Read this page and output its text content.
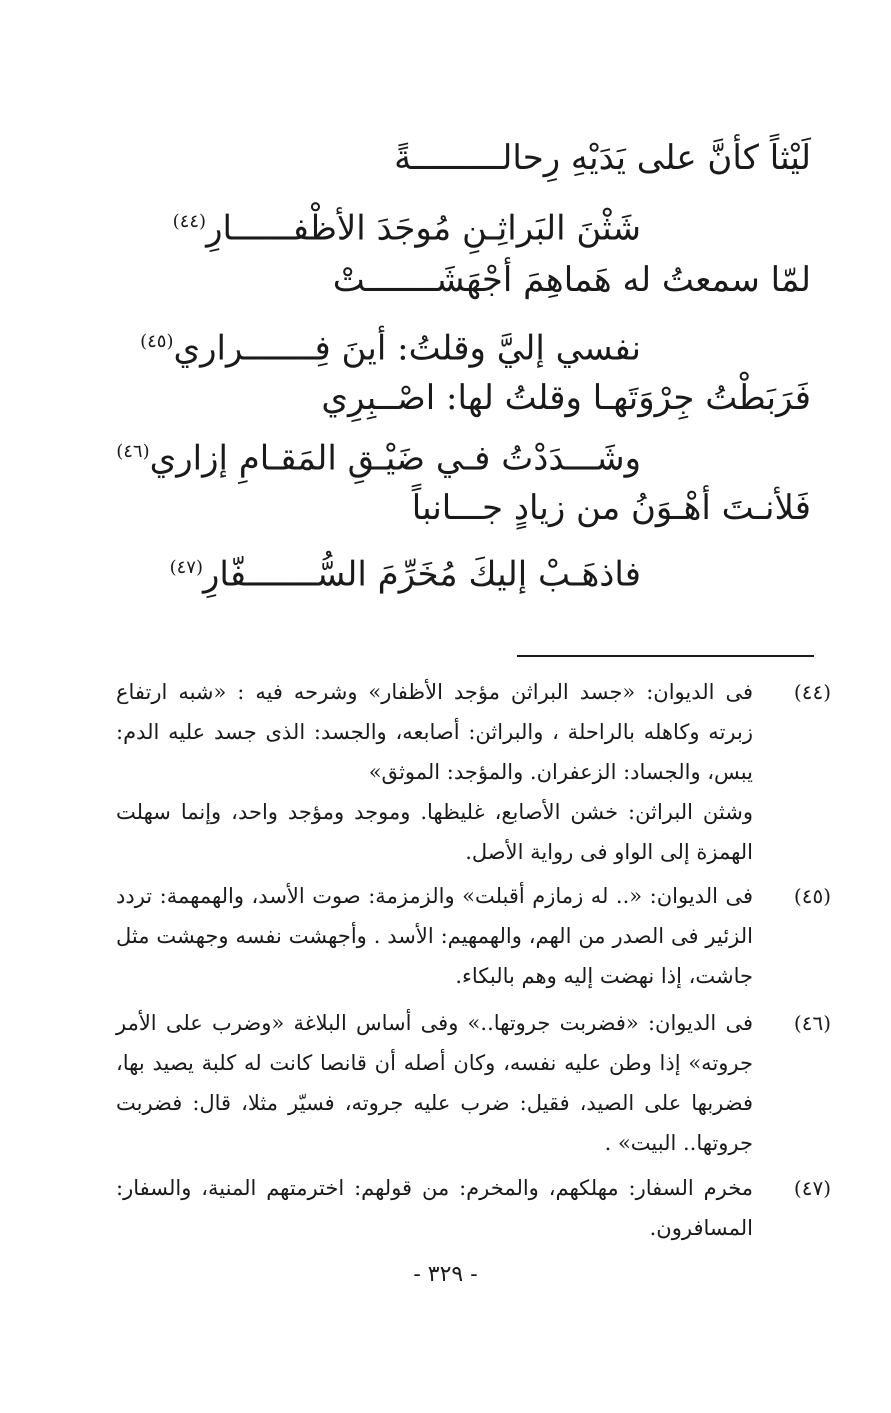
لَيْثاً كأنَّ على يَدَيْهِ رِحالـــــــــةً
شَثْنَ البَراثِـنِ مُوجَدَ الأظْفــــــارِ$^{(٤٤)}$
لمّا سمعتُ له هَماهِمَ أجْهَشَـــــــتْ
نفسي إليَّ وقلتُ: أينَ فِـــــــراري$^{(٤٥)}$
فَرَبَطْتُ جِرْوَتَهـا وقلتُ لها: اصْــبِرِي
وشَـــدَدْتُ فـي ضَيْـقِ المَقـامِ إزاري$^{(٤٦)}$
فَلأنـتَ أهْـوَنُ من زيادٍ جـــانباً
فاذهَـبْ إليكَ مُخَرِّمَ السُّـــــــفّارِ$^{(٤٧)}$
(٤٤)

فى الديوان: «جسد البراثن مؤجد الأظفار» وشرحه فيه : «شبه ارتفاع زبرته وكاهله بالراحلة ، والبراثن: أصابعه، والجسد: الذى جسد عليه الدم: يبس، والجساد: الزعفران. والمؤجد: الموثق»

وشثن البراثن: خشن الأصابع، غليظها. وموجد ومؤجد واحد، وإنما سهلت الهمزة إلى الواو فى رواية الأصل.

(٤٥)

فى الديوان: «.. له زمازم أقبلت» والزمزمة: صوت الأسد، والهمهمة: تردد الزئير فى الصدر من الهم، والهمهيم: الأسد . وأجهشت نفسه وجهشت مثل جاشت، إذا نهضت إليه وهم بالبكاء.

(٤٦)

فى الديوان: «فضربت جروتها..» وفى أساس البلاغة «وضرب على الأمر جروته» إذا وطن عليه نفسه، وكان أصله أن قانصا كانت له كلبة يصيد بها، فضربها على الصيد، فقيل: ضرب عليه جروته، فسيّر مثلا، قال: فضربت جروتها.. البيت» .

(٤٧)

مخرم السفار: مهلكهم، والمخرم: من قولهم: اخترمتهم المنية، والسفار: المسافرون.

- ٣٢٩ -
